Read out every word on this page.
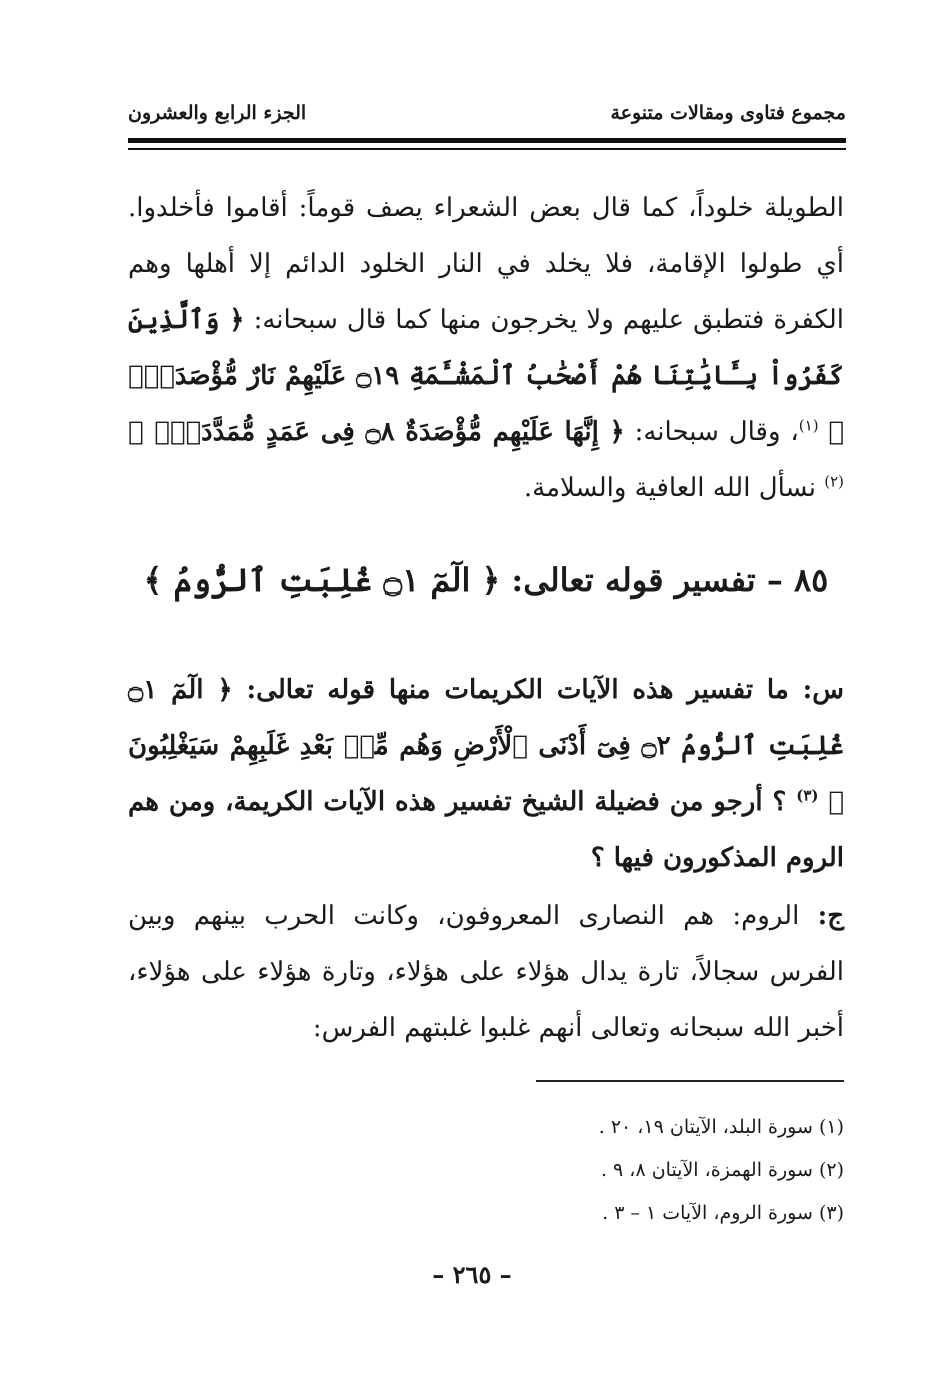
مجموع فتاوى ومقالات متنوعة
الجزء الرابع والعشرون
الطويلة خلوداً، كما قال بعض الشعراء يصف قوماً: أقاموا فأخلدوا. أي طولوا الإقامة، فلا يخلد في النار الخلود الدائم إلا أهلها وهم الكفرة فتطبق عليهم ولا يخرجون منها كما قال سبحانه: ﴿ وَٱلَّذِينَ كَفَرُواْ بِـَٔايَٰتِنَا هُمْ أَصْحَٰبُ ٱلْمَشْـَٔمَةِ ۝١٩ عَلَيْهِمْ نَارٌ مُّؤْصَدَةٌۢ ﴾ $^{(١)}$، وقال سبحانه: ﴿ إِنَّهَا عَلَيْهِم مُّؤْصَدَةٌ ۝٨ فِى عَمَدٍ مُّمَدَّدَةٍۭ ﴾ $^{(٢)}$ نسأل الله العافية والسلامة.
٨٥ – تفسير قوله تعالى: ﴿ الٓمٓ ۝١ غُلِبَتِ ٱلرُّومُ ﴾
س: ما تفسير هذه الآيات الكريمات منها قوله تعالى: ﴿ الٓمٓ ۝١ غُلِبَتِ ٱلرُّومُ ۝٢ فِىٓ أَدْنَى ٱلْأَرْضِ وَهُم مِّنۢ بَعْدِ غَلَبِهِمْ سَيَغْلِبُونَ ﴾ $^{(٣)}$ ؟ أرجو من فضيلة الشيخ تفسير هذه الآيات الكريمة، ومن هم الروم المذكورون فيها ؟
ج: الروم: هم النصارى المعروفون، وكانت الحرب بينهم وبين الفرس سجالاً، تارة يدال هؤلاء على هؤلاء، وتارة هؤلاء على هؤلاء، أخبر الله سبحانه وتعالى أنهم غلبوا غلبتهم الفرس:
(١) سورة البلد، الآيتان ١٩، ٢٠ .
(٢) سورة الهمزة، الآيتان ٨، ٩ .
(٣) سورة الروم، الآيات ١ – ٣ .
– ٢٦٥ –
